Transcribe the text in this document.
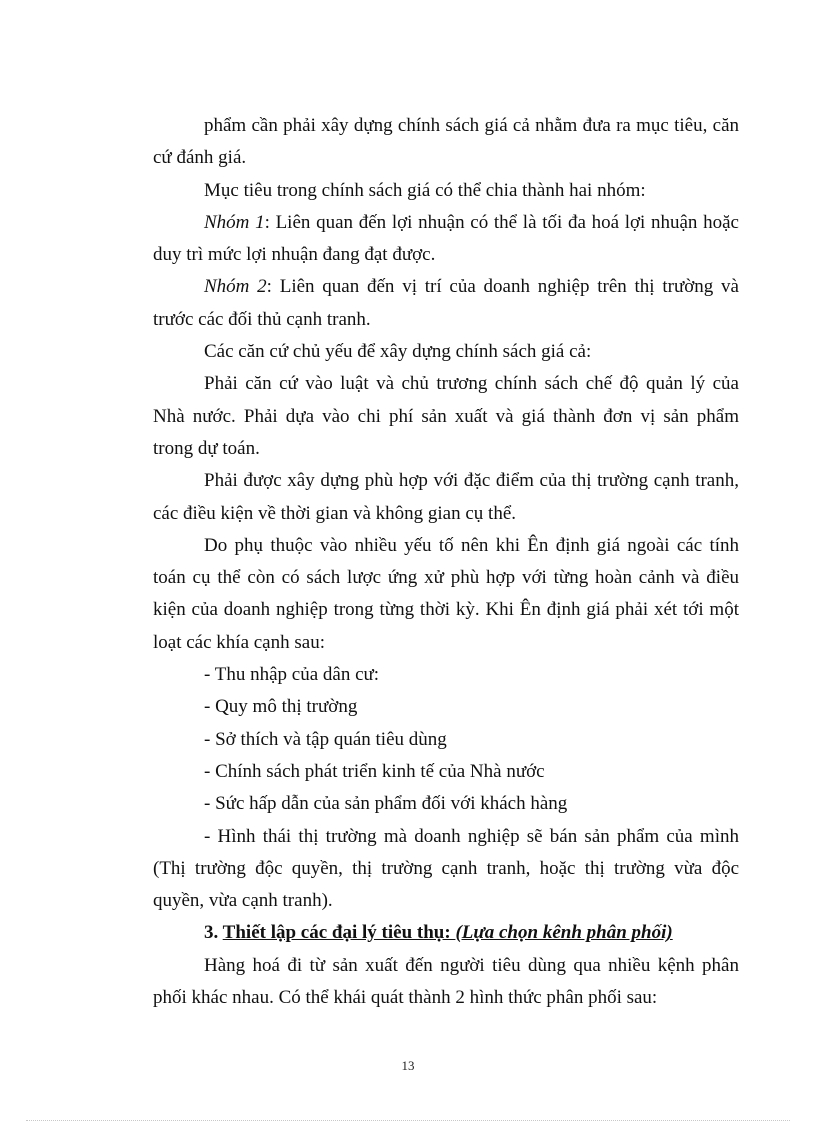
phẩm cần phải xây dựng chính sách giá cả nhằm đưa ra mục tiêu, căn
cứ đánh giá.
Mục tiêu trong chính sách giá có thể chia thành hai nhóm:
Nhóm 1: Liên quan đến lợi nhuận có thể là tối đa hoá lợi nhuận hoặc
duy trì mức lợi nhuận đang đạt được.
Nhóm 2: Liên quan đến vị trí của doanh nghiệp trên thị trường và
trước các đối thủ cạnh tranh.
Các căn cứ chủ yếu để xây dựng chính sách giá cả:
Phải căn cứ vào luật và chủ trương chính sách chế độ quản lý của
Nhà nước. Phải dựa vào chi phí sản xuất và giá thành đơn vị sản phẩm
trong dự toán.
Phải được xây dựng phù hợp với đặc điểm của thị trường cạnh tranh,
các điều kiện về thời gian và không gian cụ thể.
Do phụ thuộc vào nhiều yếu tố nên khi Ên định giá ngoài các tính
toán cụ thể còn có sách lược ứng xử phù hợp với từng hoàn cảnh và điều
kiện của doanh nghiệp trong từng thời kỳ. Khi Ên định giá phải xét tới một
loạt các khía cạnh sau:
- Thu nhập của dân cư:
- Quy mô thị trường
- Sở thích và tập quán tiêu dùng
- Chính sách phát triển kinh tế của Nhà nước
- Sức hấp dẫn của sản phẩm đối với khách hàng
- Hình thái thị trường mà doanh nghiệp sẽ bán sản phẩm của mình
(Thị trường độc quyền, thị trường cạnh tranh, hoặc thị trường vừa độc
quyền, vừa cạnh tranh).
3. Thiết lập các đại lý tiêu thụ: (Lựa chọn kênh phân phối)
Hàng hoá đi từ sản xuất đến người tiêu dùng qua nhiều kệnh phân
phối khác nhau. Có thể khái quát thành 2 hình thức phân phối sau:
13
